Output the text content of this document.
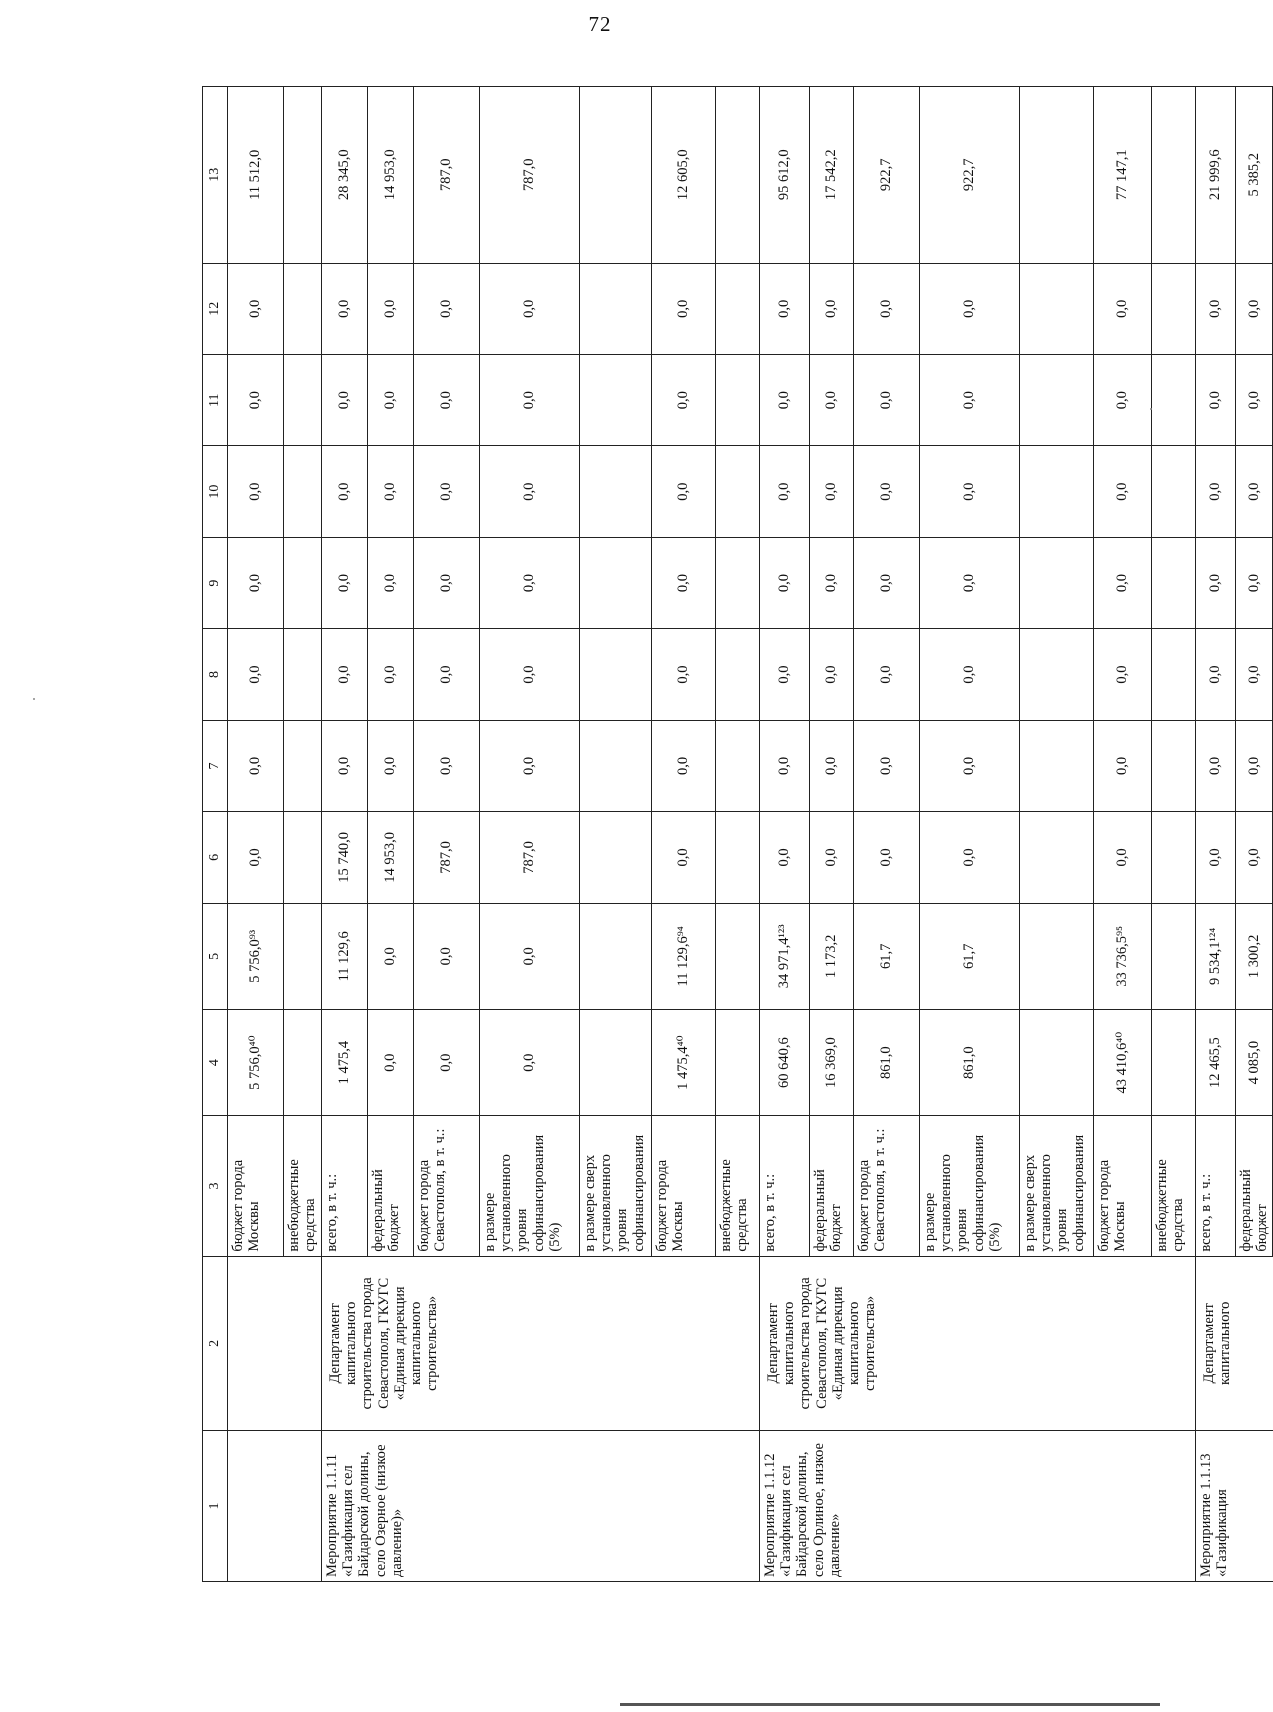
72
1	2	3	4	5	6	7	8	9	10	11	12	13
		бюджет города Москвы	5 756,0⁴⁰	5 756,0⁹³	0,0	0,0	0,0	0,0	0,0	0,0	0,0	11 512,0
		внебюджетные средства										
Мероприятие 1.1.11 «Газификация сел Байдарской долины, село Озерное (низкое давление)»	Департамент капитального строительства города Севастополя, ГКУГС «Единая дирекция капитального строительства»	всего, в т. ч.:	1 475,4	11 129,6	15 740,0	0,0	0,0	0,0	0,0	0,0	0,0	28 345,0
		федеральный бюджет	0,0	0,0	14 953,0	0,0	0,0	0,0	0,0	0,0	0,0	14 953,0
		бюджет города Севастополя, в т. ч.:	0,0	0,0	787,0	0,0	0,0	0,0	0,0	0,0	0,0	787,0
		в размере установленного уровня софинансирования (5%)	0,0	0,0	787,0	0,0	0,0	0,0	0,0	0,0	0,0	787,0
		в размере сверх установленного уровня софинансирования										
		бюджет города Москвы	1 475,4⁴⁰	11 129,6⁹⁴	0,0	0,0	0,0	0,0	0,0	0,0	0,0	12 605,0
		внебюджетные средства										
Мероприятие 1.1.12 «Газификация сел Байдарской долины, село Орлиное, низкое давление»	Департамент капитального строительства города Севастополя, ГКУГС «Единая дирекция капитального строительства»	всего, в т. ч.:	60 640,6	34 971,4¹²³	0,0	0,0	0,0	0,0	0,0	0,0	0,0	95 612,0
		федеральный бюджет	16 369,0	1 173,2	0,0	0,0	0,0	0,0	0,0	0,0	0,0	17 542,2
		бюджет города Севастополя, в т. ч.:	861,0	61,7	0,0	0,0	0,0	0,0	0,0	0,0	0,0	922,7
		в размере установленного уровня софинансирования (5%)	861,0	61,7	0,0	0,0	0,0	0,0	0,0	0,0	0,0	922,7
		в размере сверх установленного уровня софинансирования										
		бюджет города Москвы	43 410,6⁴⁰	33 736,5⁹⁵	0,0	0,0	0,0	0,0	0,0	0,0	0,0	77 147,1
		внебюджетные средства										
Мероприятие 1.1.13 «Газификация	Департамент капитального	всего, в т. ч.:	12 465,5	9 534,1¹²⁴	0,0	0,0	0,0	0,0	0,0	0,0	0,0	21 999,6
		федеральный бюджет	4 085,0	1 300,2	0,0	0,0	0,0	0,0	0,0	0,0	0,0	5 385,2
